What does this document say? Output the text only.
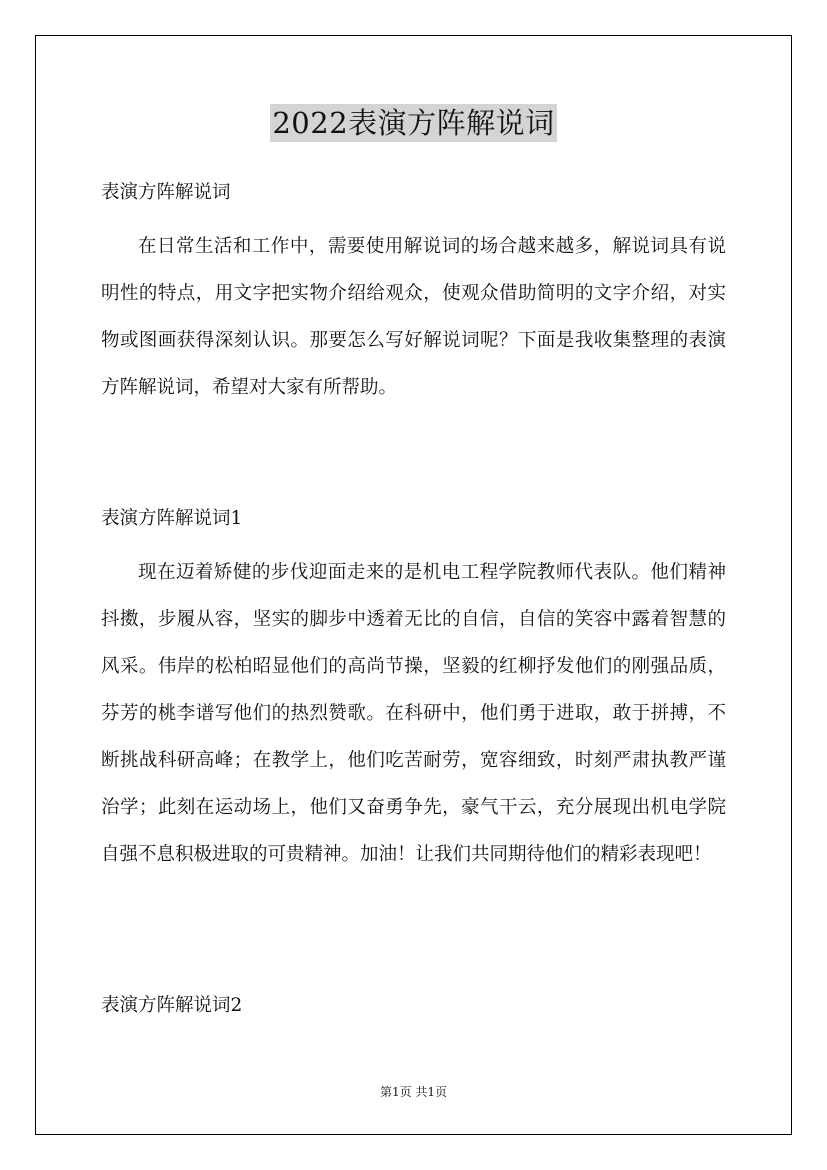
2022表演方阵解说词
表演方阵解说词

在日常生活和工作中，需要使用解说词的场合越来越多，解说词具有说明性的特点，用文字把实物介绍给观众，使观众借助简明的文字介绍，对实物或图画获得深刻认识。那要怎么写好解说词呢？下面是我收集整理的表演方阵解说词，希望对大家有所帮助。

表演方阵解说词1

现在迈着矫健的步伐迎面走来的是机电工程学院教师代表队。他们精神抖擞，步履从容，坚实的脚步中透着无比的自信，自信的笑容中露着智慧的风采。伟岸的松柏昭显他们的高尚节操，坚毅的红柳抒发他们的刚强品质，芬芳的桃李谱写他们的热烈赞歌。在科研中，他们勇于进取，敢于拼搏，不断挑战科研高峰；在教学上，他们吃苦耐劳，宽容细致，时刻严肃执教严谨治学；此刻在运动场上，他们又奋勇争先，豪气干云，充分展现出机电学院自强不息积极进取的可贵精神。加油！让我们共同期待他们的精彩表现吧！

表演方阵解说词2
第1页 共1页
